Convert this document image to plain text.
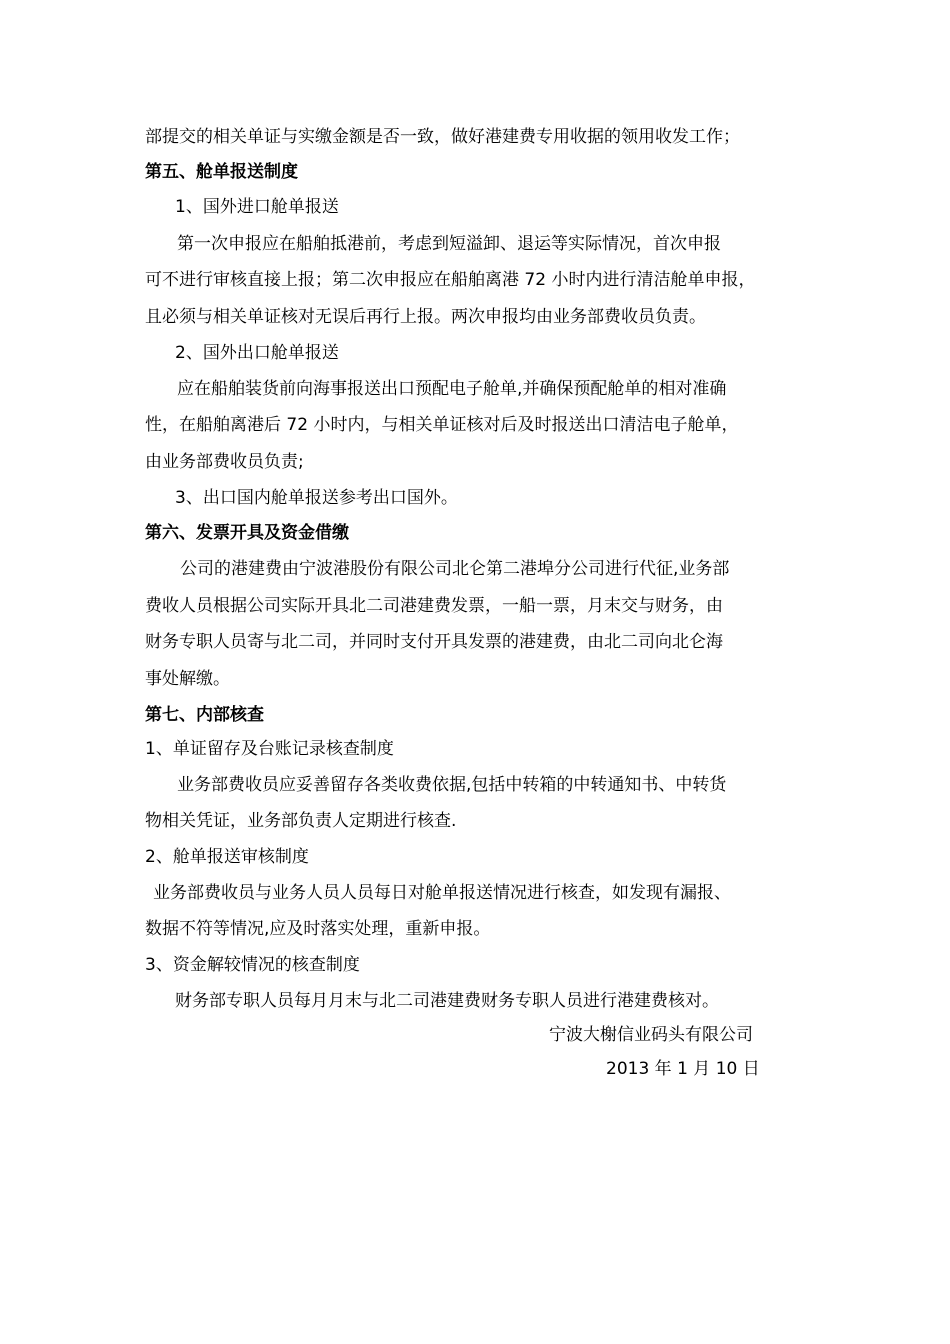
部提交的相关单证与实缴金额是否一致，做好港建费专用收据的领用收发工作；
第五、舱单报送制度
1、国外进口舱单报送
第一次申报应在船舶抵港前，考虑到短溢卸、退运等实际情况，首次申报
可不进行审核直接上报；第二次申报应在船舶离港 72 小时内进行清洁舱单申报，
且必须与相关单证核对无误后再行上报。两次申报均由业务部费收员负责。
2、国外出口舱单报送
应在船舶装货前向海事报送出口预配电子舱单,并确保预配舱单的相对准确
性，在船舶离港后 72 小时内，与相关单证核对后及时报送出口清洁电子舱单，
由业务部费收员负责;
3、出口国内舱单报送参考出口国外。
第六、发票开具及资金借缴
公司的港建费由宁波港股份有限公司北仑第二港埠分公司进行代征,业务部
费收人员根据公司实际开具北二司港建费发票，一船一票，月末交与财务，由
财务专职人员寄与北二司，并同时支付开具发票的港建费，由北二司向北仑海
事处解缴。
第七、内部核查
1、单证留存及台账记录核查制度
业务部费收员应妥善留存各类收费依据,包括中转箱的中转通知书、中转货
物相关凭证，业务部负责人定期进行核查.
2、舱单报送审核制度
业务部费收员与业务人员人员每日对舱单报送情况进行核查，如发现有漏报、
数据不符等情况,应及时落实处理，重新申报。
3、资金解较情况的核查制度
财务部专职人员每月月末与北二司港建费财务专职人员进行港建费核对。
宁波大榭信业码头有限公司
2013 年 1 月 10 日
